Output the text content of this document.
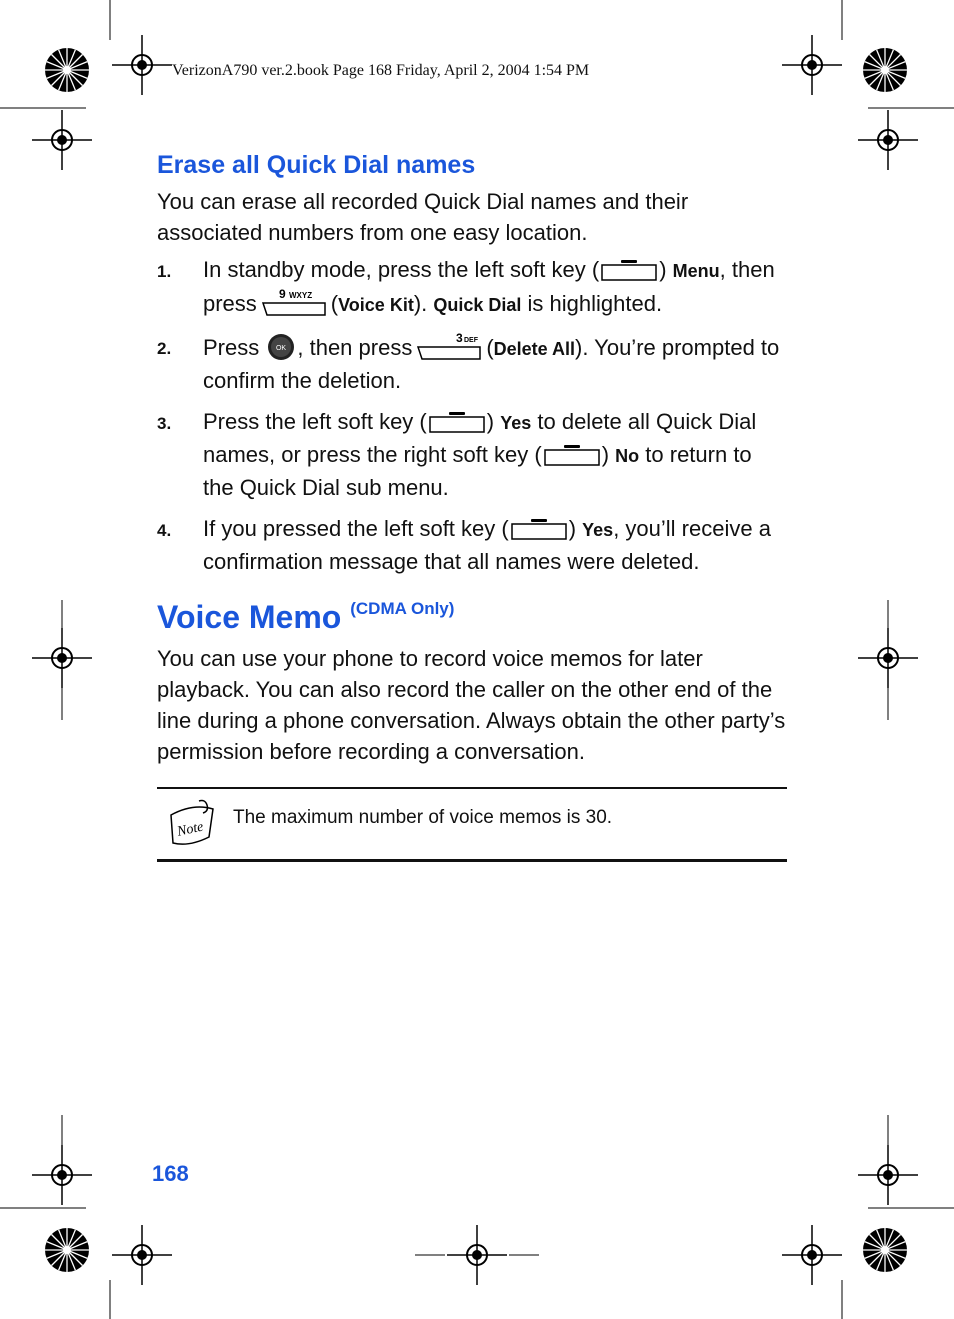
VerizonA790 ver.2.book Page 168 Friday, April 2, 2004 1:54 PM
Erase all Quick Dial names

You can erase all recorded Quick Dial names and their associated numbers from one easy location.

1. In standby mode, press the left soft key (	) Menu, then press 9 WXYZ (Voice Kit). Quick Dial is highlighted.
2. Press OK , then press	3 DEF (Delete All). You’re prompted to confirm the deletion.
3. Press the left soft key (	) Yes to delete all Quick Dial names, or press the right soft key (	) No to return to the Quick Dial sub menu.
4. If you pressed the left soft key (	) Yes, you’ll receive a confirmation message that all names were deleted.
Voice Memo $^{(CDMA Only)}$

You can use your phone to record voice memos for later playback. You can also record the caller on the other end of the line during a phone conversation. Always obtain the other party’s permission before recording a conversation.

Note
The maximum number of voice memos is 30.
168
